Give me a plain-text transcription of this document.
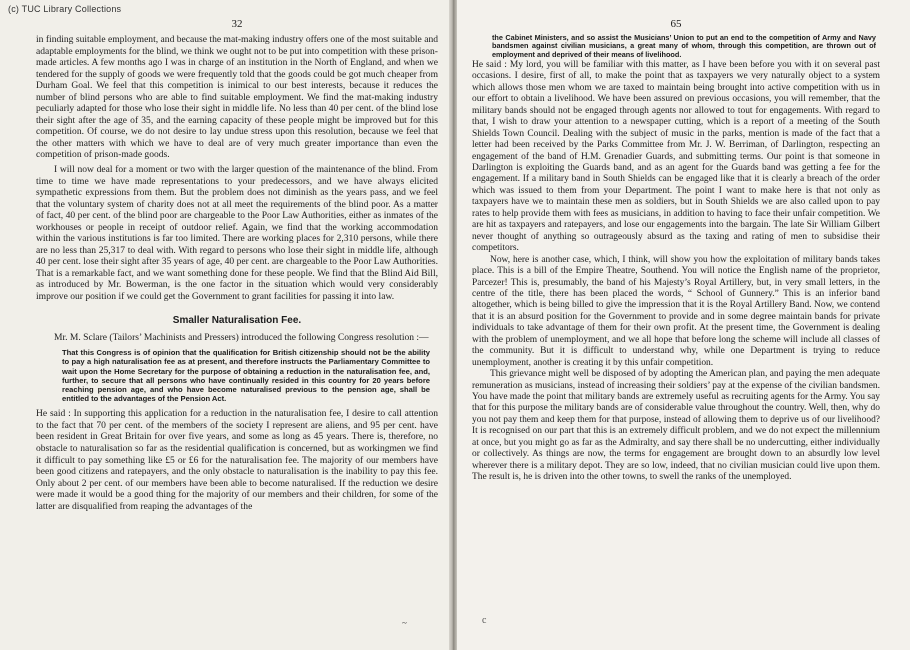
32

in finding suitable employment, and because the mat-making industry offers one of the most suitable and adaptable employments for the blind, we think we ought not to be put into competition with these prison-made articles. A few months ago I was in charge of an institution in the North of England, and when we tendered for the supply of goods we were frequently told that the goods could be got much cheaper from Durham Goal. We feel that this competition is inimical to our best interests, because it reduces the number of blind persons who are able to find suitable employment. We find the mat-making industry peculiarly adapted for those who lose their sight in middle life. No less than 40 per cent. of the blind lose their sight after the age of 35, and the earning capacity of these people might be improved but for this competition. Of course, we do not desire to lay undue stress upon this resolution, because we feel that the other matters with which we have to deal are of very much greater importance than even the competition of prison-made goods.

I will now deal for a moment or two with the larger question of the maintenance of the blind. From time to time we have made representations to your predecessors, and we have always elicited sympathetic expressions from them. But the problem does not diminish as the years pass, and we feel that the voluntary system of charity does not at all meet the requirements of the blind poor. As a matter of fact, 40 per cent. of the blind poor are chargeable to the Poor Law Authorities, either as inmates of the workhouses or people in receipt of outdoor relief. Again, we find that the working accommodation within the various institutions is far too limited. There are working places for 2,310 persons, while there are no less than 25,317 to deal with. With regard to persons who lose their sight in middle life, although 40 per cent. lose their sight after 35 years of age, 40 per cent. are chargeable to the Poor Law Authorities. That is a remarkable fact, and we want something done for these people. We find that the Blind Aid Bill, as introduced by Mr. Bowerman, is the one factor in the situation which would very considerably improve our position if we could get the Government to grant facilities for passing it into law.

Smaller Naturalisation Fee.

Mr. M. Sclare (Tailors’ Machinists and Pressers) introduced the following Congress resolution :—

That this Congress is of opinion that the qualification for British citizenship should not be the ability to pay a high naturalisation fee as at present, and therefore instructs the Parliamentary Committee to wait upon the Home Secretary for the purpose of obtaining a reduction in the naturalisation fee, and, further, to secure that all persons who have continually resided in this country for 20 years before reaching pension age, and who have become naturalised previous to the pension age, shall be entitled to the advantages of the Pension Act.

He said : In supporting this application for a reduction in the naturalisation fee, I desire to call attention to the fact that 70 per cent. of the members of the society I represent are aliens, and 95 per cent. have been resident in Great Britain for over five years, and some as long as 45 years. There is, therefore, no obstacle to naturalisation so far as the residential qualification is concerned, but as workingmen we find it difficult to pay something like £5 or £6 for the naturalisation fee. The majority of our members have been good citizens and ratepayers, and the only obstacle to naturalisation is the inability to pay this fee. Only about 2 per cent. of our members have been able to become naturalised. If the reduction we desire were made it would be a good thing for the majority of our members and their children, for some of the latter are disqualified from reaping the advantages of the

~
65
the Cabinet Ministers, and so assist the Musicians’ Union to put an end to the competition of Army and Navy bandsmen against civilian musicians, a great many of whom, through this competition, are thrown out of employment and deprived of their means of livelihood.

He said : My lord, you will be familiar with this matter, as I have been before you with it on several past occasions. I desire, first of all, to make the point that as taxpayers we very naturally object to a system which allows those men whom we are taxed to maintain being brought into active competition with us in our effort to obtain a livelihood. We have been assured on previous occasions, you will remember, that the military bands should not be engaged through agents nor allowed to tout for engagements. With regard to that, I wish to draw your attention to a newspaper cutting, which is a report of a meeting of the South Shields Town Council. Dealing with the subject of music in the parks, mention is made of the fact that a letter had been received by the Parks Committee from Mr. J. W. Berriman, of Darlington, respecting an engagement of the band of H.M. Grenadier Guards, and submitting terms. Our point is that someone in Darlington is exploiting the Guards band, and as an agent for the Guards band was getting a fee for the engagement. If a military band in South Shields can be engaged like that it is clearly a breach of the order which was issued to them from your Department. The point I want to make here is that not only as taxpayers have we to maintain these men as soldiers, but in South Shields we are also called upon to pay rates to help provide them with fees as musicians, in addition to having to face their unfair competition. We are hit as taxpayers and ratepayers, and lose our engagements into the bargain. The late Sir William Gilbert never thought of anything so outrageously absurd as the taxing and rating of men to subsidise their competitors.

Now, here is another case, which, I think, will show you how the exploitation of military bands takes place. This is a bill of the Empire Theatre, Southend. You will notice the English name of the proprietor, Parcezer! This is, presumably, the band of his Majesty’s Royal Artillery, but, in very small letters, in the centre of the title, there has been placed the words, “ School of Gunnery.” This is an inferior band altogether, which is being billed to give the impression that it is the Royal Artillery Band. Now, we contend that it is an absurd position for the Government to provide and in some degree maintain bands for private individuals to take advantage of them for their own profit. At the present time, the Government is dealing with the problem of unemployment, and we all hope that before long the scheme will include all classes of the community. But it is difficult to understand why, while one Department is trying to reduce unemployment, another is creating it by this unfair competition.

This grievance might well be disposed of by adopting the American plan, and paying the men adequate remuneration as musicians, instead of increasing their soldiers’ pay at the expense of the civilian bandsmen. You have made the point that military bands are extremely useful as recruiting agents for the Army. You say that for this purpose the military bands are of considerable value throughout the country. Well, then, why do you not pay them and keep them for that purpose, instead of allowing them to deprive us of our livelihood? It is recognised on our part that this is an extremely difficult problem, and we do not expect the millennium at once, but you might go as far as the Admiralty, and say there shall be no undercutting, either individually or collectively. As things are now, the terms for engagement are brought down to an absurdly low level wherever there is a military depot. They are so low, indeed, that no civilian musician could live upon them. The result is, he is driven into the other towns, to swell the ranks of the unemployed.

c
(c) TUC Library Collections
